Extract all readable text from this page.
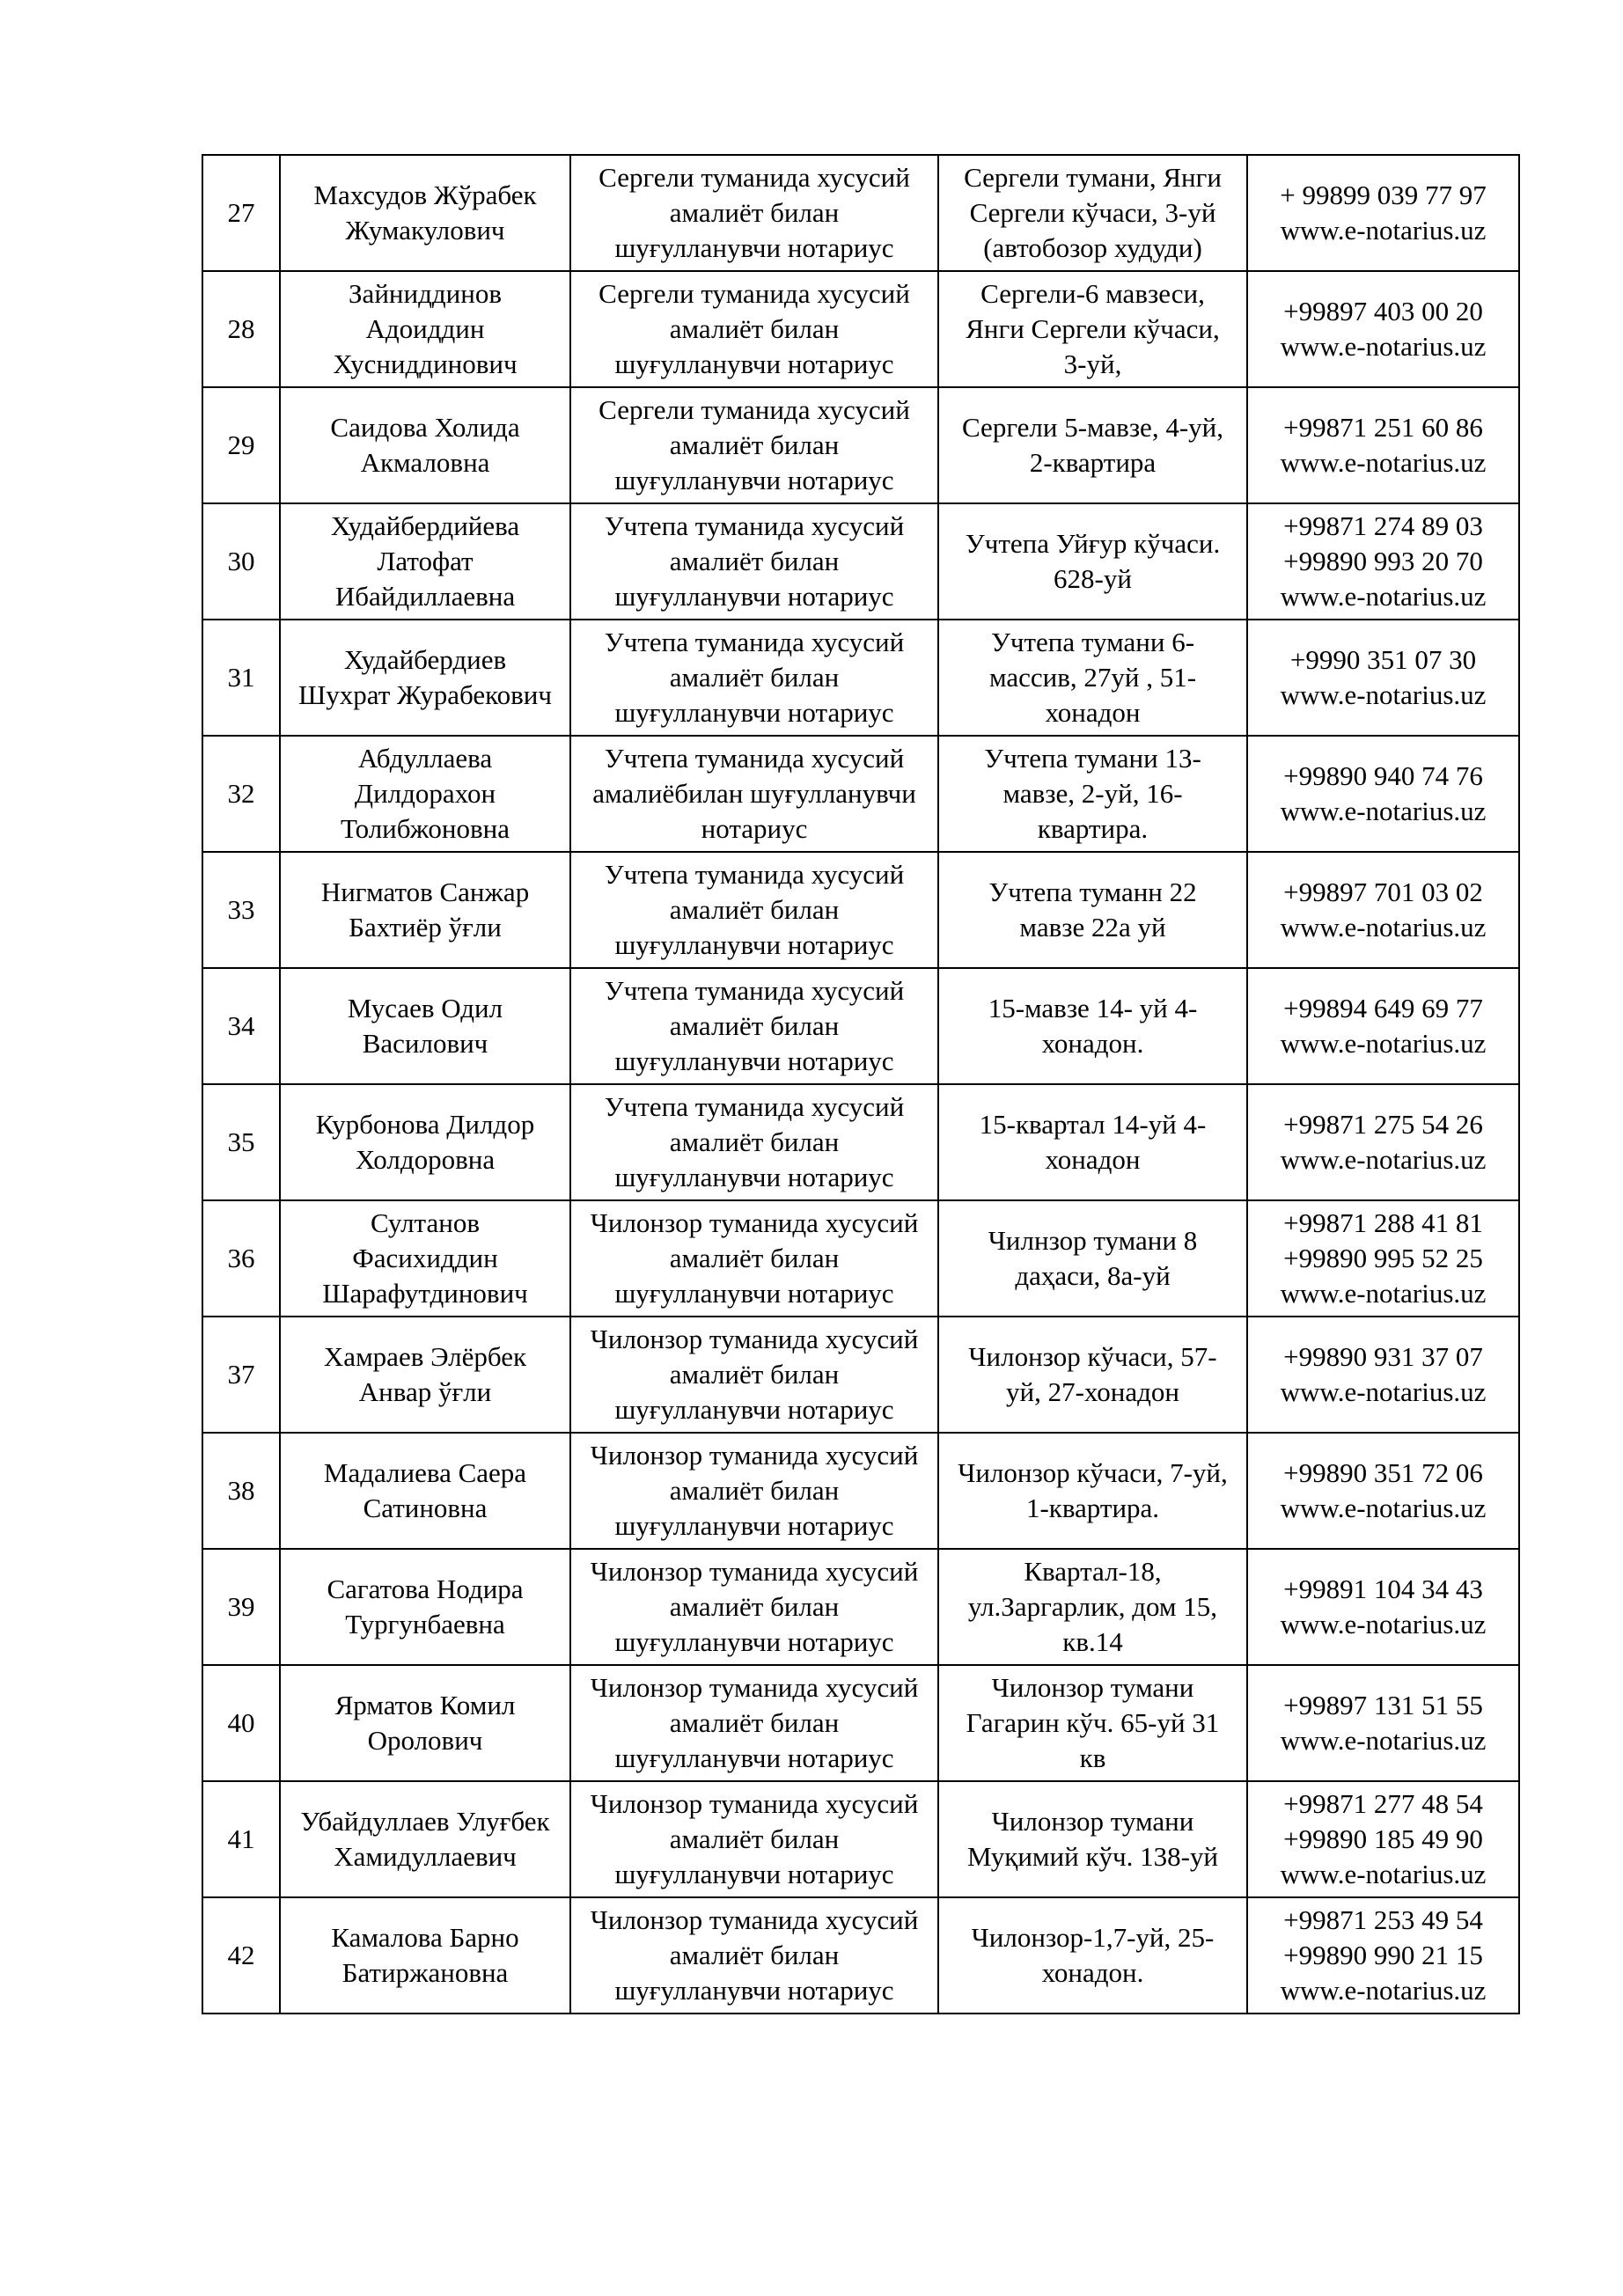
27	Махсудов Жўрабек
Жумакулович	Сергели туманида хусусий
амалиёт билан
шуғулланувчи нотариус	Сергели тумани, Янги
Сергели кўчаси, 3-уй
(автобозор худуди)	+ 99899 039 77 97
www.e-notarius.uz

28	Зайниддинов
Адоиддин
Хусниддинович	Сергели туманида хусусий
амалиёт билан
шуғулланувчи нотариус	Сергели-6 мавзеси,
Янги Сергели кўчаси,
3-уй,	+99897 403 00 20
www.e-notarius.uz

29	Саидова Холида
Акмаловна	Сергели туманида хусусий
амалиёт билан
шуғулланувчи нотариус	Сергели 5-мавзе, 4-уй,
2-квартира	+99871 251 60 86
www.e-notarius.uz

30	Худайбердийева
Латофат
Ибайдиллаевна	Учтепа туманида хусусий
амалиёт билан
шуғулланувчи нотариус	Учтепа Уйғур кўчаси.
628-уй	+99871 274 89 03
+99890 993 20 70
www.e-notarius.uz

31	Худайбердиев
Шухрат Журабекович	Учтепа туманида хусусий
амалиёт билан
шуғулланувчи нотариус	Учтепа тумани 6-
массив, 27уй , 51-
хонадон	+9990 351 07 30
www.e-notarius.uz

32	Абдуллаева
Дилдорахон
Толибжоновна	Учтепа туманида хусусий
амалиёбилан шуғулланувчи
нотариус	Учтепа тумани 13-
мавзе, 2-уй, 16-
квартира.	+99890 940 74 76
www.e-notarius.uz

33	Нигматов Санжар
Бахтиёр ўғли	Учтепа туманида хусусий
амалиёт билан
шуғулланувчи нотариус	Учтепа туманн 22
мавзе 22а уй	+99897 701 03 02
www.e-notarius.uz

34	Мусаев Одил
Василович	Учтепа туманида хусусий
амалиёт билан
шуғулланувчи нотариус	15-мавзе 14- уй 4-
хонадон.	+99894 649 69 77
www.e-notarius.uz

35	Курбонова Дилдор
Холдоровна	Учтепа туманида хусусий
амалиёт билан
шуғулланувчи нотариус	15-квартал 14-уй 4-
хонадон	+99871 275 54 26
www.e-notarius.uz

36	Султанов
Фасихиддин
Шарафутдинович	Чилонзор туманида хусусий
амалиёт билан
шуғулланувчи нотариус	Чилнзор тумани 8
даҳаси, 8а-уй	+99871 288 41 81
+99890 995 52 25
www.e-notarius.uz

37	Хамраев Элёрбек
Анвар ўғли	Чилонзор туманида хусусий
амалиёт билан
шуғулланувчи нотариус	Чилонзор кўчаси, 57-
уй, 27-хонадон	+99890 931 37 07
www.e-notarius.uz

38	Мадалиева Саера
Сатиновна	Чилонзор туманида хусусий
амалиёт билан
шуғулланувчи нотариус	Чилонзор кўчаси, 7-уй,
1-квартира.	+99890 351 72 06
www.e-notarius.uz

39	Сагатова Нодира
Тургунбаевна	Чилонзор туманида хусусий
амалиёт билан
шуғулланувчи нотариус	Квартал-18,
ул.Заргарлик, дом 15,
кв.14	+99891 104 34 43
www.e-notarius.uz

40	Ярматов Комил
Оролович	Чилонзор туманида хусусий
амалиёт билан
шуғулланувчи нотариус	Чилонзор тумани
Гагарин кўч. 65-уй 31
кв	+99897 131 51 55
www.e-notarius.uz

41	Убайдуллаев Улуғбек
Хамидуллаевич	Чилонзор туманида хусусий
амалиёт билан
шуғулланувчи нотариус	Чилонзор тумани
Муқимий кўч. 138-уй	+99871 277 48 54
+99890 185 49 90
www.e-notarius.uz

42	Камалова Барно
Батиржановна	Чилонзор туманида хусусий
амалиёт билан
шуғулланувчи нотариус	Чилонзор-1,7-уй, 25-
хонадон.	+99871 253 49 54
+99890 990 21 15
www.e-notarius.uz
